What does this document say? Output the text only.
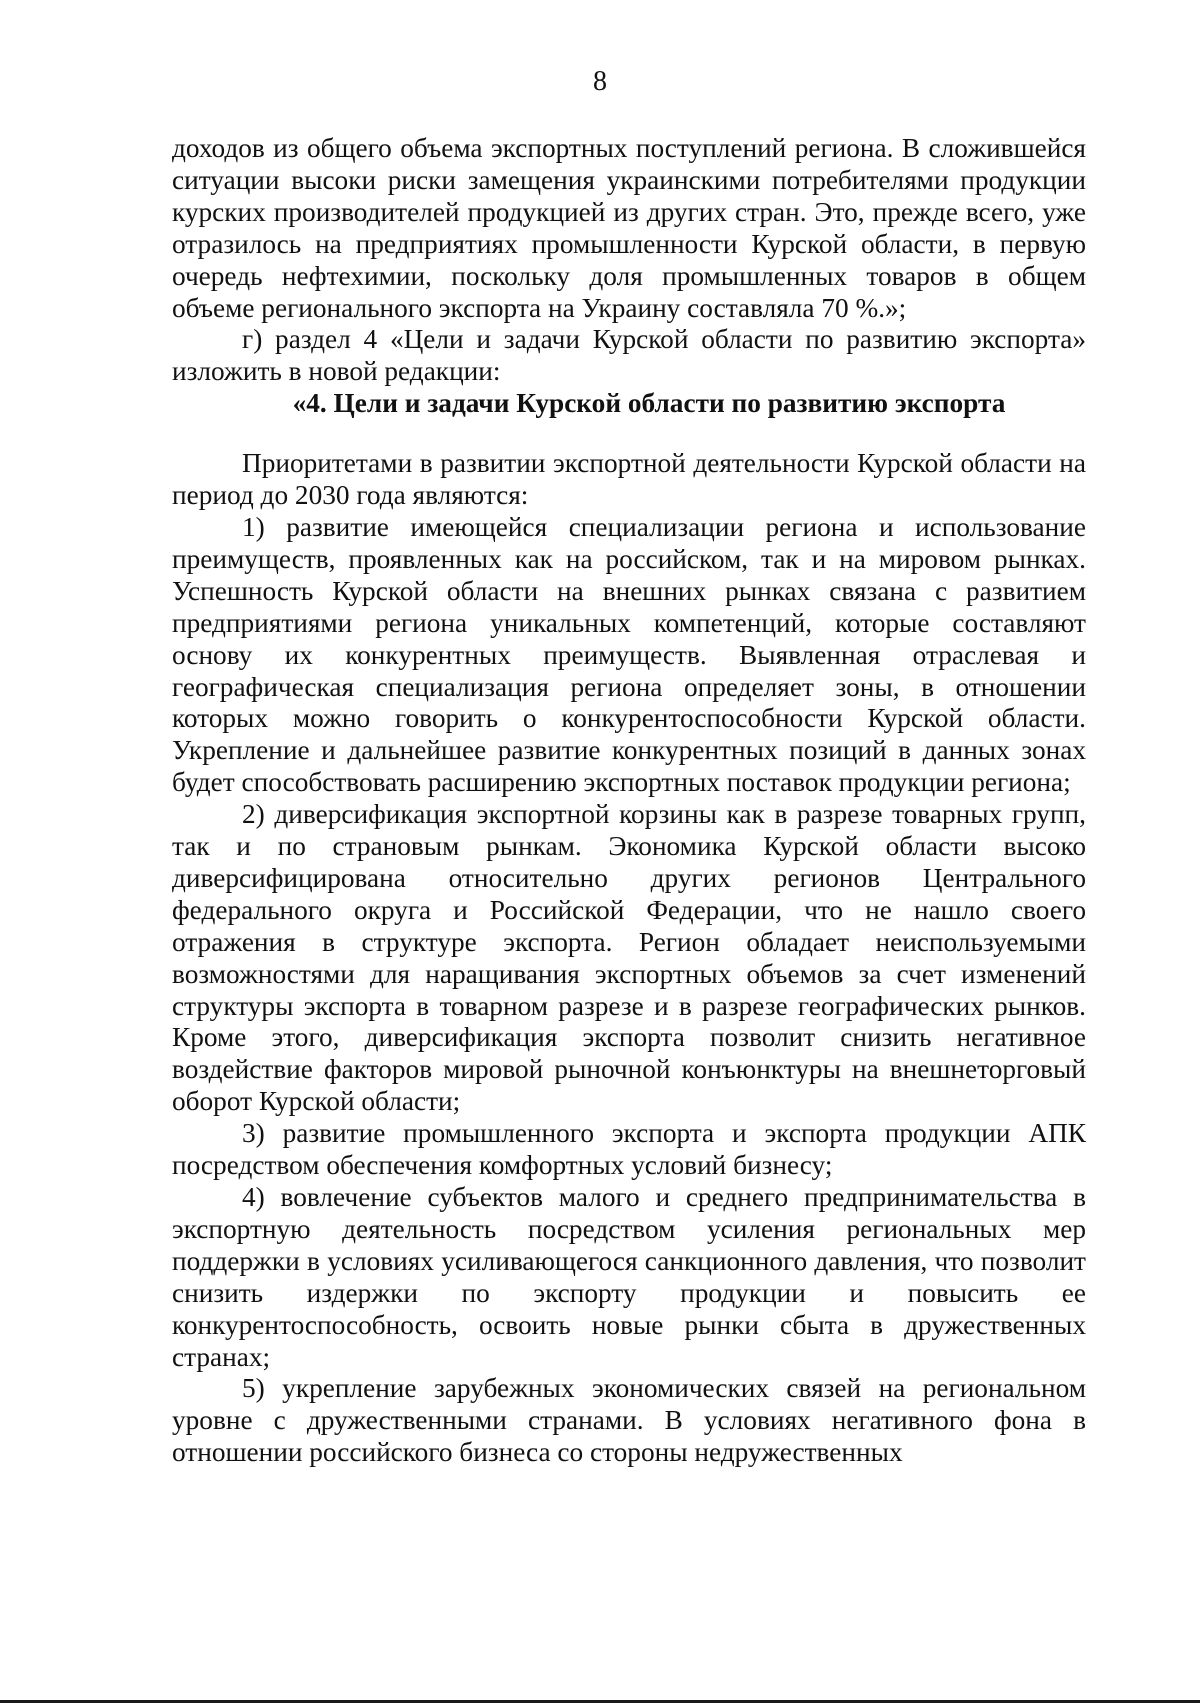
8

доходов из общего объема экспортных поступлений региона. В сложившейся ситуации высоки риски замещения украинскими потребителями продукции курских производителей продукцией из других стран. Это, прежде всего, уже отразилось на предприятиях промышленности Курской области, в первую очередь нефтехимии, поскольку доля промышленных товаров в общем объеме регионального экспорта на Украину составляла 70 %.»;

г) раздел 4 «Цели и задачи Курской области по развитию экспорта» изложить в новой редакции:

«4. Цели и задачи Курской области по развитию экспорта

Приоритетами в развитии экспортной деятельности Курской области на период до 2030 года являются:

1) развитие имеющейся специализации региона и использование преимуществ, проявленных как на российском, так и на мировом рынках. Успешность Курской области на внешних рынках связана с развитием предприятиями региона уникальных компетенций, которые составляют основу их конкурентных преимуществ. Выявленная отраслевая и географическая специализация региона определяет зоны, в отношении которых можно говорить о конкурентоспособности Курской области. Укрепление и дальнейшее развитие конкурентных позиций в данных зонах будет способствовать расширению экспортных поставок продукции региона;

2) диверсификация экспортной корзины как в разрезе товарных групп, так и по страновым рынкам. Экономика Курской области высоко диверсифицирована относительно других регионов Центрального федерального округа и Российской Федерации, что не нашло своего отражения в структуре экспорта. Регион обладает неиспользуемыми возможностями для наращивания экспортных объемов за счет изменений структуры экспорта в товарном разрезе и в разрезе географических рынков. Кроме этого, диверсификация экспорта позволит снизить негативное воздействие факторов мировой рыночной конъюнктуры на внешнеторговый оборот Курской области;

3) развитие промышленного экспорта и экспорта продукции АПК посредством обеспечения комфортных условий бизнесу;

4) вовлечение субъектов малого и среднего предпринимательства в экспортную деятельность посредством усиления региональных мер поддержки в условиях усиливающегося санкционного давления, что позволит снизить издержки по экспорту продукции и повысить ее конкурентоспособность, освоить новые рынки сбыта в дружественных странах;

5) укрепление зарубежных экономических связей на региональном уровне с дружественными странами. В условиях негативного фона в отношении российского бизнеса со стороны недружественных
